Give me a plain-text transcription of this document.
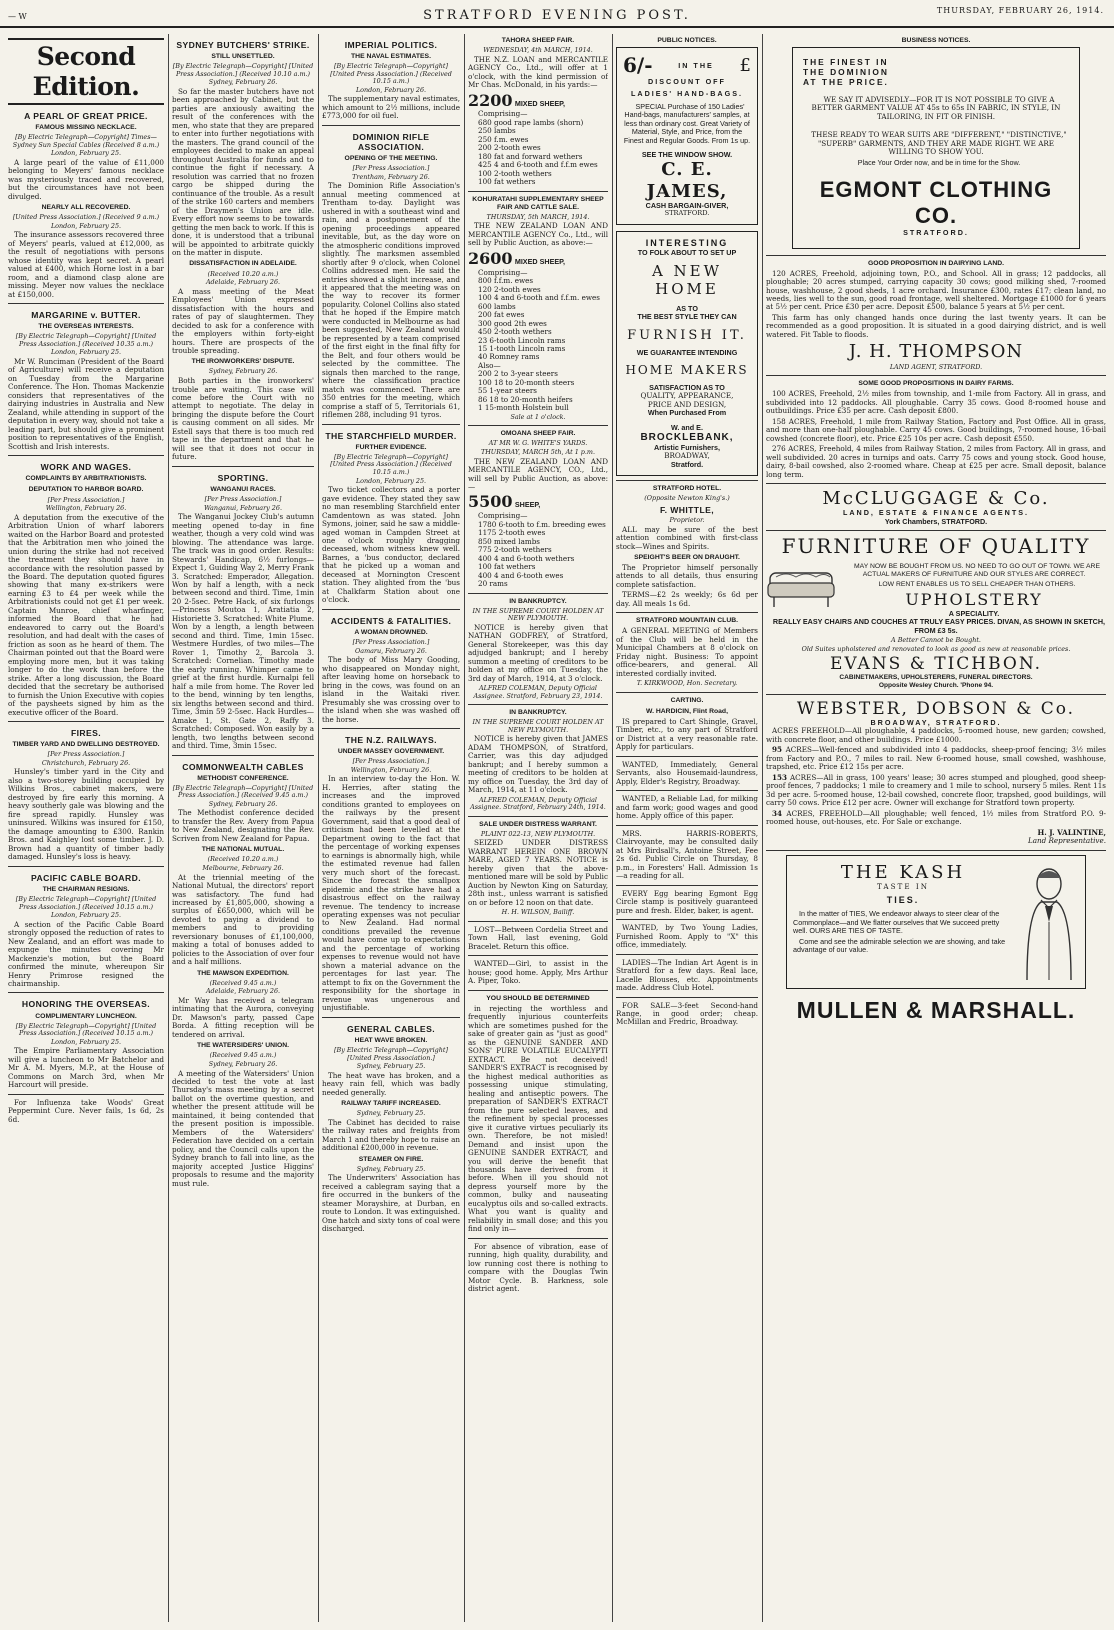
— W	STRATFORD EVENING POST.	THURSDAY, FEBRUARY 26, 1914.
Second Edition.
A PEARL OF GREAT PRICE.
FAMOUS MISSING NECKLACE.
[By Electric Telegraph—Copyright] Times—Sydney Sun Special Cables (Received 8 a.m.)
London, February 25.

A large pearl of the value of £11,000 belonging to Meyers' famous necklace was mysteriously traced and recovered, but the circumstances have not been divulged.

NEARLY ALL RECOVERED.
[United Press Association.] (Received 9 a.m.)
London, February 25.

The insurance assessors recovered three of Meyers' pearls, valued at £12,000, as the result of negotiations with persons whose identity was kept secret. A pearl valued at £400, which Horne lost in a bar room, and a diamond clasp alone are missing. Meyer now values the necklace at £150,000.

MARGARINE v. BUTTER.
THE OVERSEAS INTERESTS.
[By Electric Telegraph—Copyright] [United Press Association.] (Received 10.35 a.m.)
London, February 25.

Mr W. Runciman (President of the Board of Agriculture) will receive a deputation on Tuesday from the Margarine Conference. The Hon. Thomas Mackenzie considers that representatives of the dairying industries in Australia and New Zealand, while attending in support of the deputation in every way, should not take a leading part, but should give a prominent position to representatives of the English, Scottish and Irish interests.

WORK AND WAGES.
COMPLAINTS BY ARBITRATIONISTS.
DEPUTATION TO HARBOR BOARD.
[Per Press Association.]
Wellington, February 26.

A deputation from the executive of the Arbitration Union of wharf laborers waited on the Harbor Board and protested that the Arbitration men who joined the union during the strike had not received the treatment they should have in accordance with the resolution passed by the Board. The deputation quoted figures showing that many ex-strikers were earning £3 to £4 per week while the Arbitrationists could not get £1 per week. Captain Munroe, chief wharfinger, informed the Board that he had endeavored to carry out the Board's resolution, and had dealt with the cases of friction as soon as he heard of them. The Chairman pointed out that the Board were employing more men, but it was taking longer to do the work than before the strike. After a long discussion, the Board decided that the secretary be authorised to furnish the Union Executive with copies of the paysheets signed by him as the executive officer of the Board.

FIRES.
TIMBER YARD AND DWELLING DESTROYED.
[Per Press Association.]
Christchurch, February 26.

Hunsley's timber yard in the City and also a two-storey building occupied by Wilkins Bros., cabinet makers, were destroyed by fire early this morning. A heavy southerly gale was blowing and the fire spread rapidly. Hunsley was uninsured. Wilkins was insured for £150, the damage amounting to £300. Rankin Bros. and Kaighley lost some timber. J. D. Brown had a quantity of timber badly damaged. Hunsley's loss is heavy.

PACIFIC CABLE BOARD.
THE CHAIRMAN RESIGNS.
[By Electric Telegraph—Copyright] [United Press Association.] (Received 10.15 a.m.)
London, February 25.

A section of the Pacific Cable Board strongly opposed the reduction of rates to New Zealand, and an effort was made to expunge the minutes covering Mr Mackenzie's motion, but the Board confirmed the minute, whereupon Sir Henry Primrose resigned the chairmanship.

HONORING THE OVERSEAS.
COMPLIMENTARY LUNCHEON.
[By Electric Telegraph—Copyright] [United Press Association.] (Received 10.15 a.m.)
London, February 25.

The Empire Parliamentary Association will give a luncheon to Mr Batchelor and Mr A. M. Myers, M.P., at the House of Commons on March 3rd, when Mr Harcourt will preside.

For Influenza take Woods' Great Peppermint Cure. Never fails, 1s 6d, 2s 6d.

SYDNEY BUTCHERS' STRIKE.
STILL UNSETTLED.
[By Electric Telegraph—Copyright] [United Press Association.] (Received 10.10 a.m.)
Sydney, February 26.

So far the master butchers have not been approached by Cabinet, but the parties are anxiously awaiting the result of the conferences with the men, who state that they are prepared to enter into further negotiations with the masters. The grand council of the employees decided to make an appeal throughout Australia for funds and to continue the fight if necessary. A resolution was carried that no frozen cargo be shipped during the continuance of the trouble. As a result of the strike 160 carters and members of the Draymen's Union are idle. Every effort now seems to be towards getting the men back to work. If this is done, it is understood that a tribunal will be appointed to arbitrate quickly on the matter in dispute.

DISSATISFACTION IN ADELAIDE.
(Received 10.20 a.m.)
Adelaide, February 26.

A mass meeting of the Meat Employees' Union expressed dissatisfaction with the hours and rates of pay of slaughtermen. They decided to ask for a conference with the employers within forty-eight hours. There are prospects of the trouble spreading.

THE IRONWORKERS' DISPUTE.
Sydney, February 26.

Both parties in the ironworkers' trouble are waiting. This case will come before the Court with no attempt to negotiate. The delay in bringing the dispute before the Court is causing comment on all sides. Mr Estell says that there is too much red tape in the department and that he will see that it does not occur in future.

SPORTING.
WANGANUI RACES.
[Per Press Association.]
Wanganui, February 26.

The Wanganui Jockey Club's autumn meeting opened to-day in fine weather, though a very cold wind was blowing. The attendance was large. The track was in good order. Results: Stewards' Handicap, 6½ furlongs—Expect 1, Guiding Way 2, Merry Frank 3. Scratched: Emperador, Allegation. Won by half a length, with a neck between second and third. Time, 1min 20 2-5sec. Petre Hack, of six furlongs—Princess Moutoa 1, Aratiatia 2, Historiette 3. Scratched: White Plume. Won by a length, a length between second and third. Time, 1min 15sec. Westmere Hurdles, of two miles—The Rover 1, Timothy 2, Barcola 3. Scratched: Cornelian. Timothy made the early running. Whimper came to grief at the first hurdle. Kurnalpi fell half a mile from home. The Rover led to the bend, winning by ten lengths, six lengths between second and third. Time, 3min 59 2-5sec. Hack Hurdles—Amake 1, St. Gate 2, Raffy 3. Scratched: Composed. Won easily by a length, two lengths between second and third. Time, 3min 15sec.

COMMONWEALTH CABLES
METHODIST CONFERENCE.
[By Electric Telegraph—Copyright] [United Press Association.] (Received 9.45 a.m.)
Sydney, February 26.

The Methodist conference decided to transfer the Rev. Avery from Papua to New Zealand, designating the Rev. Scriven from New Zealand for Papua.

THE NATIONAL MUTUAL.
(Received 10.20 a.m.)
Melbourne, February 26.

At the triennial meeting of the National Mutual, the directors' report was satisfactory. The fund had increased by £1,805,000, showing a surplus of £650,000, which will be devoted to paying a dividend to members and to providing reversionary bonuses of £1,100,000, making a total of bonuses added to policies to the Association of over four and a half millions.

THE MAWSON EXPEDITION.
(Received 9.45 a.m.)
Adelaide, February 26.

Mr Way has received a telegram intimating that the Aurora, conveying Dr. Mawson's party, passed Cape Borda. A fitting reception will be tendered on arrival.

THE WATERSIDERS' UNION.
(Received 9.45 a.m.)
Sydney, February 26.

A meeting of the Watersiders' Union decided to test the vote at last Thursday's mass meeting by a secret ballot on the overtime question, and whether the present attitude will be maintained, it being contended that the present position is impossible. Members of the Watersiders' Federation have decided on a certain policy, and the Council calls upon the Sydney branch to fall into line, as the majority accepted Justice Higgins' proposals to resume and the majority must rule.

IMPERIAL POLITICS.
THE NAVAL ESTIMATES.
[By Electric Telegraph—Copyright] [United Press Association.] (Received 10.15 a.m.)
London, February 26.

The supplementary naval estimates, which amount to 2½ millions, include £773,000 for oil fuel.

DOMINION RIFLE ASSOCIATION.
OPENING OF THE MEETING.
[Per Press Association.]
Trentham, February 26.

The Dominion Rifle Association's annual meeting commenced at Trentham to-day. Daylight was ushered in with a southeast wind and rain, and a postponement of the opening proceedings appeared inevitable, but, as the day wore on the atmospheric conditions improved slightly. The marksmen assembled shortly after 9 o'clock, when Colonel Collins addressed men. He said the entries showed a slight increase, and it appeared that the meeting was on the way to recover its former popularity. Colonel Collins also stated that he hoped if the Empire match were conducted in Melbourne as had been suggested, New Zealand would be represented by a team comprised of the first eight in the final fifty for the Belt, and four others would be selected by the committee. The signals then marched to the range, where the classification practice match was commenced. There are 350 entries for the meeting, which comprise a staff of 5, Territorials 61, riflemen 288, including 91 tyros.

THE STARCHFIELD MURDER.
FURTHER EVIDENCE.
[By Electric Telegraph—Copyright] [United Press Association.] (Received 10.15 a.m.)
London, February 25.

Two ticket collectors and a porter gave evidence. They stated they saw no man resembling Starchfield enter Camdentown as was stated. John Symons, joiner, said he saw a middle-aged woman in Campden Street at one o'clock roughly dragging deceased, whom witness knew well. Barnes, a 'bus conductor, declared that he picked up a woman and deceased at Mornington Crescent station. They alighted from the 'bus at Chalkfarm Station about one o'clock.

ACCIDENTS & FATALITIES.
A WOMAN DROWNED.
[Per Press Association.]
Oamaru, February 26.

The body of Miss Mary Gooding, who disappeared on Monday night, after leaving home on horseback to bring in the cows, was found on an island in the Waitaki river. Presumably she was crossing over to the island when she was washed off the horse.

THE N.Z. RAILWAYS.
UNDER MASSEY GOVERNMENT.
[Per Press Association.]
Wellington, February 26.

In an interview to-day the Hon. W. H. Herries, after stating the increases and the improved conditions granted to employees on the railways by the present Government, said that a good deal of criticism had been levelled at the Department owing to the fact that the percentage of working expenses to earnings is abnormally high, while the estimated revenue had fallen very much short of the forecast. Since the forecast the smallpox epidemic and the strike have had a disastrous effect on the railway revenue. The tendency to increase operating expenses was not peculiar to New Zealand. Had normal conditions prevailed the revenue would have come up to expectations and the percentage of working expenses to revenue would not have shown a material advance on the percentages for last year. The attempt to fix on the Government the responsibility for the shortage in revenue was ungenerous and unjustifiable.

GENERAL CABLES.
HEAT WAVE BROKEN.
[By Electric Telegraph—Copyright] [United Press Association.]
Sydney, February 25.

The heat wave has broken, and a heavy rain fell, which was badly needed generally.

RAILWAY TARIFF INCREASED.
Sydney, February 25.

The Cabinet has decided to raise the railway rates and freights from March 1 and thereby hope to raise an additional £200,000 in revenue.

STEAMER ON FIRE.
Sydney, February 25.

The Underwriters' Association has received a cablegram saying that a fire occurred in the bunkers of the steamer Morayshire, at Durban, en route to London. It was extinguished. One hatch and sixty tons of coal were discharged.

TAHORA SHEEP FAIR.
WEDNESDAY, 4th MARCH, 1914.

THE N.Z. LOAN and MERCANTILE AGENCY Co., Ltd., will offer at 1 o'clock, with the kind permission of Mr Chas. McDonald, in his yards:—

2200 MIXED SHEEP,
Comprising—
680 good rape lambs (shorn)
250 lambs
250 f.m. ewes
200 2-tooth ewes
180 fat and forward wethers
425 4 and 6-tooth and f.f.m ewes
100 2-tooth wethers
100 fat wethers
KOHURATAHI SUPPLEMENTARY SHEEP FAIR AND CATTLE SALE.
THURSDAY, 5th MARCH, 1914.

THE NEW ZEALAND LOAN AND MERCANTILE AGENCY Co., Ltd., will sell by Public Auction, as above:—

2600 MIXED SHEEP,
Comprising—
800 f.f.m. ewes
120 2-tooth ewes
100 4 and 6-tooth and f.f.m. ewes
600 lambs
200 fat ewes
300 good 2th ewes
450 2-tooth wethers
23 6-tooth Lincoln rams
15 1-tooth Lincoln rams
40 Romney rams
Also—
200 2 to 3-year steers
100 18 to 20-month steers
55 1-year steers
86 18 to 20-month heifers
1 15-month Holstein bull
Sale at 1 o'clock.
OMOANA SHEEP FAIR.
AT MR W. G. WHITE'S YARDS.
THURSDAY, MARCH 5th, At 1 p.m.

THE NEW ZEALAND LOAN AND MERCANTILE AGENCY, CO., Ltd., will sell by Public Auction, as above:—

5500 SHEEP,
Comprising—
1780 6-tooth to f.m. breeding ewes
1175 2-tooth ewes
850 mixed lambs
775 2-tooth wethers
400 4 and 6-tooth wethers
100 fat wethers
400 4 and 6-tooth ewes
20 rams
IN BANKRUPTCY.
IN THE SUPREME COURT HOLDEN AT NEW PLYMOUTH.

NOTICE is hereby given that NATHAN GODFREY, of Stratford, General Storekeeper, was this day adjudged bankrupt; and I hereby summon a meeting of creditors to be holden at my office on Tuesday, the 3rd day of March, 1914, at 3 o'clock.

ALFRED COLEMAN, Deputy Official Assignee. Stratford, February 23, 1914.
IN BANKRUPTCY.
IN THE SUPREME COURT HOLDEN AT NEW PLYMOUTH.

NOTICE is hereby given that JAMES ADAM THOMPSON, of Stratford, Carrier, was this day adjudged bankrupt; and I hereby summon a meeting of creditors to be holden at my office on Tuesday, the 3rd day of March, 1914, at 11 o'clock.

ALFRED COLEMAN, Deputy Official Assignee. Stratford, February 24th, 1914.
SALE UNDER DISTRESS WARRANT.
PLAINT 022-13, NEW PLYMOUTH.

SEIZED UNDER DISTRESS WARRANT HEREIN ONE BROWN MARE, AGED 7 YEARS. NOTICE is hereby given that the above-mentioned mare will be sold by Public Auction by Newton King on Saturday, 28th inst., unless warrant is satisfied on or before 12 noon on that date.

H. H. WILSON, Bailiff.

LOST—Between Cordelia Street and Town Hall, last evening, Gold Bracelet. Return this office.

WANTED—Girl, to assist in the house; good home. Apply, Mrs Arthur A. Piper, Toko.

YOU SHOULD BE DETERMINED

in rejecting the worthless and frequently injurious counterfeits which are sometimes pushed for the sake of greater gain as "just as good" as the GENUINE SANDER AND SONS' PURE VOLATILE EUCALYPTI EXTRACT. Be not deceived! SANDER'S EXTRACT is recognised by the highest medical authorities as possessing unique stimulating, healing and antiseptic powers. The preparation of SANDER'S EXTRACT from the pure selected leaves, and the refinement by special processes give it curative virtues peculiarly its own. Therefore, be not misled! Demand and insist upon the GENUINE SANDER EXTRACT, and you will derive the benefit that thousands have derived from it before. When ill you should not depress yourself more by the common, bulky and nauseating eucalyptus oils and so-called extracts. What you want is quality and reliability in small dose; and this you find only in—

For absence of vibration, ease of running, high quality, durability, and low running cost there is nothing to compare with the Douglas Twin Motor Cycle. B. Harkness, sole district agent.

PUBLIC NOTICES.
6/-	IN THE £
DISCOUNT OFF
LADIES' HAND-BAGS.

SPECIAL Purchase of 150 Ladies' Hand-bags, manufacturers' samples, at less than ordinary cost. Great Variety of Material, Style, and Price, from the Finest and Regular Goods. From 1s up.

SEE THE WINDOW SHOW.
C. E. JAMES,
CASH BARGAIN-GIVER,
STRATFORD.
INTERESTING
TO FOLK ABOUT TO SET UP
A NEW HOME
AS TO
THE BEST STYLE THEY CAN
FURNISH IT.
WE GUARANTEE INTENDING
HOME MAKERS
SATISFACTION AS TO
QUALITY, APPEARANCE,
PRICE AND DESIGN,
When Purchased From
W. and E.
BROCKLEBANK,
Artistic Furnishers,
BROADWAY,
Stratford.
STRATFORD HOTEL.
(Opposite Newton King's.)
F. WHITTLE,
Proprietor.

ALL may be sure of the best attention combined with first-class stock—Wines and Spirits.

SPEIGHT'S BEER ON DRAUGHT.

The Proprietor himself personally attends to all details, thus ensuring complete satisfaction.

TERMS—£2 2s weekly; 6s 6d per day. All meals 1s 6d.

STRATFORD MOUNTAIN CLUB.

A GENERAL MEETING of Members of the Club will be held in the Municipal Chambers at 8 o'clock on Friday night. Business: To appoint office-bearers, and general. All interested cordially invited.

T. KIRKWOOD, Hon. Secretary.
CARTING.
W. HARDICIN, Flint Road,

IS prepared to Cart Shingle, Gravel, Timber, etc., to any part of Stratford or District at a very reasonable rate. Apply for particulars.

WANTED, Immediately, General Servants, also Housemaid-laundress, Apply, Elder's Registry, Broadway.

WANTED, a Reliable Lad, for milking and farm work; good wages and good home. Apply office of this paper.

MRS. HARRIS-ROBERTS, Clairvoyante, may be consulted daily at Mrs Birdsall's, Antoine Street, Fee 2s 6d. Public Circle on Thursday, 8 p.m., in Foresters' Hall. Admission 1s—a reading for all.

EVERY Egg bearing Egmont Egg Circle stamp is positively guaranteed pure and fresh. Elder, baker, is agent.

WANTED, by Two Young Ladies, Furnished Room. Apply to "X" this office, immediately.

LADIES—The Indian Art Agent is in Stratford for a few days. Real lace, Lacelle Blouses, etc. Appointments made. Address Club Hotel.

FOR SALE—3-feet Second-hand Range, in good order; cheap. McMillan and Fredric, Broadway.

BUSINESS NOTICES.
THE FINEST IN
THE DOMINION
AT THE PRICE.

WE SAY IT ADVISEDLY—FOR IT IS NOT POSSIBLE TO GIVE A BETTER GARMENT VALUE AT 45s to 65s IN FABRIC, IN STYLE, IN TAILORING, IN FIT OR FINISH.

THESE READY TO WEAR SUITS ARE "DIFFERENT," "DISTINCTIVE," "SUPERB" GARMENTS, AND THEY ARE MADE RIGHT. WE ARE WILLING TO SHOW YOU.

Place Your Order now, and be in time for the Show.

EGMONT CLOTHING CO.
STRATFORD.
GOOD PROPOSITION IN DAIRYING LAND.

120 ACRES, Freehold, adjoining town, P.O., and School. All in grass; 12 paddocks, all ploughable; 20 acres stumped, carrying capacity 30 cows; good milking shed, 7-roomed house, washhouse, 2 good sheds, 1 acre orchard. Insurance £300, rates £17; clean land, no weeds, lies well to the sun, good road frontage, well sheltered. Mortgage £1000 for 6 years at 5½ per cent. Price £30 per acre. Deposit £500, balance 5 years at 5½ per cent.

This farm has only changed hands once during the last twenty years. It can be recommended as a good proposition. It is situated in a good dairying district, and is well watered. Fit Table to floods.

J. H. THOMPSON
LAND AGENT, STRATFORD.
SOME GOOD PROPOSITIONS IN DAIRY FARMS.

100 ACRES, Freehold, 2½ miles from township, and 1-mile from Factory. All in grass, and subdivided into 12 paddocks. All ploughable. Carry 35 cows. Good 8-roomed house and outbuildings. Price £35 per acre. Cash deposit £800.

158 ACRES, Freehold, 1 mile from Railway Station, Factory and Post Office. All in grass, and more than one-half ploughable. Carry 45 cows. Good buildings, 7-roomed house, 16-bail cowshed (concrete floor), etc. Price £25 10s per acre. Cash deposit £550.

276 ACRES, Freehold, 4 miles from Railway Station, 2 miles from Factory. All in grass, and well subdivided. 20 acres in turnips and oats. Carry 75 cows and young stock. Good house, dairy, 8-bail cowshed, also 2-roomed whare. Cheap at £25 per acre. Small deposit, balance long term.

McCLUGGAGE & Co.
LAND, ESTATE & FINANCE AGENTS.
York Chambers, STRATFORD.
FURNITURE OF QUALITY

MAY NOW BE BOUGHT FROM US. NO NEED TO GO OUT OF TOWN. WE ARE ACTUAL MAKERS OF FURNITURE AND OUR STYLES ARE CORRECT.

LOW RENT ENABLES US TO SELL CHEAPER THAN OTHERS.

UPHOLSTERY
A SPECIALITY.

REALLY EASY CHAIRS AND COUCHES AT TRULY EASY PRICES. DIVAN, AS SHOWN IN SKETCH, FROM £3 5s.

A Better Cannot be Bought.
Old Suites upholstered and renovated to look as good as new at reasonable prices.
EVANS & TICHBON.
CABINETMAKERS, UPHOLSTERERS, FUNERAL DIRECTORS.
Opposite Wesley Church. 'Phone 94.
WEBSTER, DOBSON & Co.
BROADWAY, STRATFORD.

ACRES FREEHOLD—All ploughable, 4 paddocks, 5-roomed house, new garden; cowshed, with concrete floor, and other buildings. Price £1000.

95 ACRES—Well-fenced and subdivided into 4 paddocks, sheep-proof fencing; 3½ miles from Factory and P.O., 7 miles to rail. New 6-roomed house, small cowshed, washhouse, trapshed, etc. Price £12 15s per acre.

153 ACRES—All in grass, 100 years' lease; 30 acres stumped and ploughed, good sheep-proof fences, 7 paddocks; 1 mile to creamery and 1 mile to school, nursery 5 miles. Rent 11s 3d per acre. 5-roomed house, 12-bail cowshed, concrete floor, trapshed, good buildings, will carry 50 cows. Price £12 per acre. Owner will exchange for Stratford town property.

34 ACRES, FREEHOLD—All ploughable; well fenced, 1½ miles from Stratford P.O. 9-roomed house, out-houses, etc. For Sale or exchange.

H. J. VALINTINE,
Land Representative.
THE KASH
TASTE IN
TIES.

In the matter of TIES, We endeavor always to steer clear of the Commonplace—and We flatter ourselves that We succeed pretty well. OURS ARE TIES OF TASTE.

Come and see the admirable selection we are showing, and take advantage of our value.

MULLEN & MARSHALL.
